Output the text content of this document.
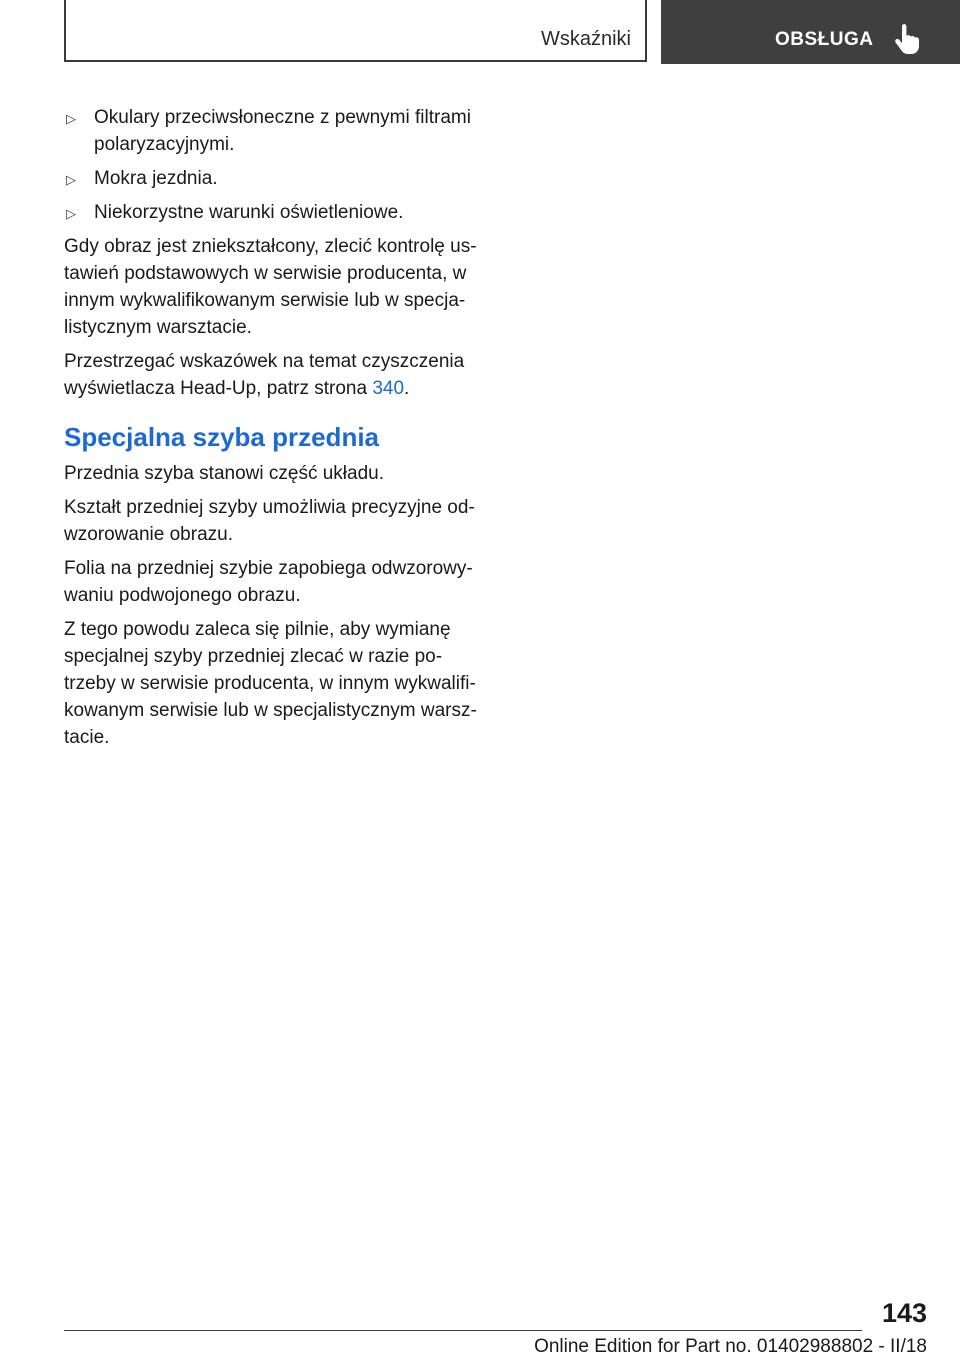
Wskaźniki	OBSŁUGA
▷ Okulary przeciwsłoneczne z pewnymi filtrami polaryzacyjnymi.
▷ Mokra jezdnia.
▷ Niekorzystne warunki oświetleniowe.

Gdy obraz jest zniekształcony, zlecić kontrolę ustawień podstawowych w serwisie producenta, w innym wykwalifikowanym serwisie lub w specjalistycznym warsztacie.

Przestrzegać wskazówek na temat czyszczenia wyświetlacza Head-Up, patrz strona 340.

Specjalna szyba przednia

Przednia szyba stanowi część układu.

Kształt przedniej szyby umożliwia precyzyjne odwzorowanie obrazu.

Folia na przedniej szybie zapobiega odwzorowywaniu podwojonego obrazu.

Z tego powodu zaleca się pilnie, aby wymianę specjalnej szyby przedniej zlecać w razie potrzeby w serwisie producenta, w innym wykwalifikowanym serwisie lub w specjalistycznym warsztacie.

143
Online Edition for Part no. 01402988802 - II/18
